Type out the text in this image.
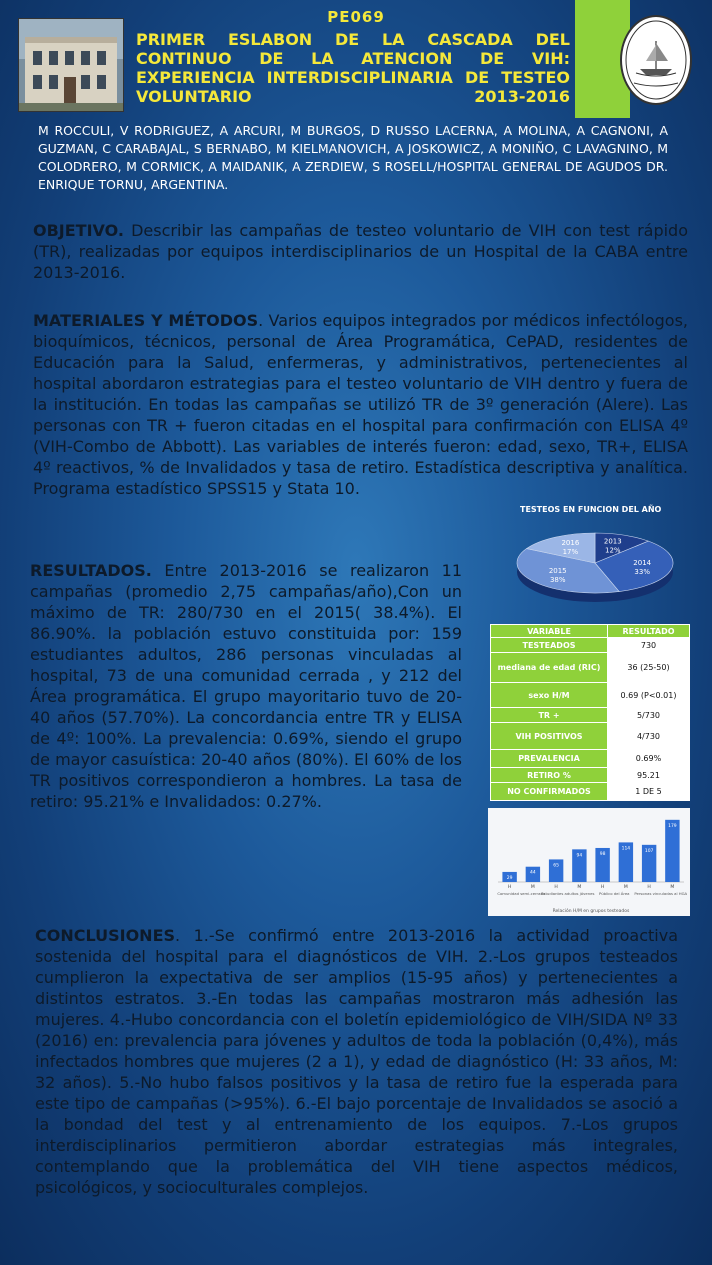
PE069
PRIMER ESLABON DE LA CASCADA DEL CONTINUO DE LA ATENCION DE VIH: EXPERIENCIA INTERDISCIPLINARIA DE TESTEO VOLUNTARIO 2013-2016
M ROCCULI, V RODRIGUEZ, A ARCURI, M BURGOS, D RUSSO LACERNA, A MOLINA, A CAGNONI, A GUZMAN, C CARABAJAL, S BERNABO, M KIELMANOVICH, A JOSKOWICZ, A MONIÑO, C LAVAGNINO, M COLODRERO, M CORMICK, A MAIDANIK, A ZERDIEW, S ROSELL/HOSPITAL GENERAL DE AGUDOS DR. ENRIQUE TORNU, ARGENTINA.
OBJETIVO. Describir las campañas de testeo voluntario de VIH con test rápido (TR), realizadas por equipos interdisciplinarios de un Hospital de la CABA entre 2013-2016.
MATERIALES Y MÉTODOS. Varios equipos integrados por médicos infectólogos, bioquímicos, técnicos, personal de Área Programática, CePAD, residentes de Educación para la Salud, enfermeras, y administrativos, pertenecientes al hospital abordaron estrategias para el testeo voluntario de VIH dentro y fuera de la institución. En todas las campañas se utilizó TR de 3º generación (Alere). Las personas con TR + fueron citadas en el hospital para confirmación con ELISA 4º (VIH-Combo de Abbott). Las variables de interés fueron: edad, sexo, TR+, ELISA 4º reactivos, % de Invalidados y tasa de retiro. Estadística descriptiva y analítica. Programa estadístico SPSS15 y Stata 10.
TESTEOS EN FUNCION DEL AÑO
2013
12%
2014
33%
2015
38%
2016
17%
RESULTADOS. Entre 2013-2016 se realizaron 11 campañas (promedio 2,75 campañas/año),Con un máximo de TR: 280/730 en el 2015( 38.4%). El 86.90%. la población estuvo constituida por: 159 estudiantes adultos, 286 personas vinculadas al hospital, 73 de una comunidad cerrada , y 212 del Área programática. El grupo mayoritario tuvo de 20-40 años (57.70%). La concordancia entre TR y ELISA de 4º: 100%. La prevalencia: 0.69%, siendo el grupo de mayor casuística: 20-40 años (80%). El 60% de los TR positivos correspondieron a hombres. La tasa de retiro: 95.21% e Invalidados: 0.27%.
VARIABLE	RESULTADO
TESTEADOS	730
mediana de edad (RIC)	36 (25-50)
sexo H/M	0.69 (P<0.01)
TR +	5/730
VIH POSITIVOS	4/730
PREVALENCIA	0.69%
RETIRO %	95.21
NO CONFIRMADOS	1 DE 5
29
H
44
M
65
H
94
M
98
H
114
M
107
H
179
M
Comunidad semi-cerrada
Estudiantes adultos jóvenes Público del Área Personas vinculadas al HGA
Relación H/M en grupos testeados
CONCLUSIONES. 1.-Se confirmó entre 2013-2016 la actividad proactiva sostenida del hospital para el diagnósticos de VIH. 2.-Los grupos testeados cumplieron la expectativa de ser amplios (15-95 años) y pertenecientes a distintos estratos. 3.-En todas las campañas mostraron más adhesión las mujeres. 4.-Hubo concordancia con el boletín epidemiológico de VIH/SIDA Nº 33 (2016) en: prevalencia para jóvenes y adultos de toda la población (0,4%), más infectados hombres que mujeres (2 a 1), y edad de diagnóstico (H: 33 años, M: 32 años). 5.-No hubo falsos positivos y la tasa de retiro fue la esperada para este tipo de campañas (>95%). 6.-El bajo porcentaje de Invalidados se asoció a la bondad del test y al entrenamiento de los equipos. 7.-Los grupos interdisciplinarios permitieron abordar estrategias más integrales, contemplando que la problemática del VIH tiene aspectos médicos, psicológicos, y socioculturales complejos.
